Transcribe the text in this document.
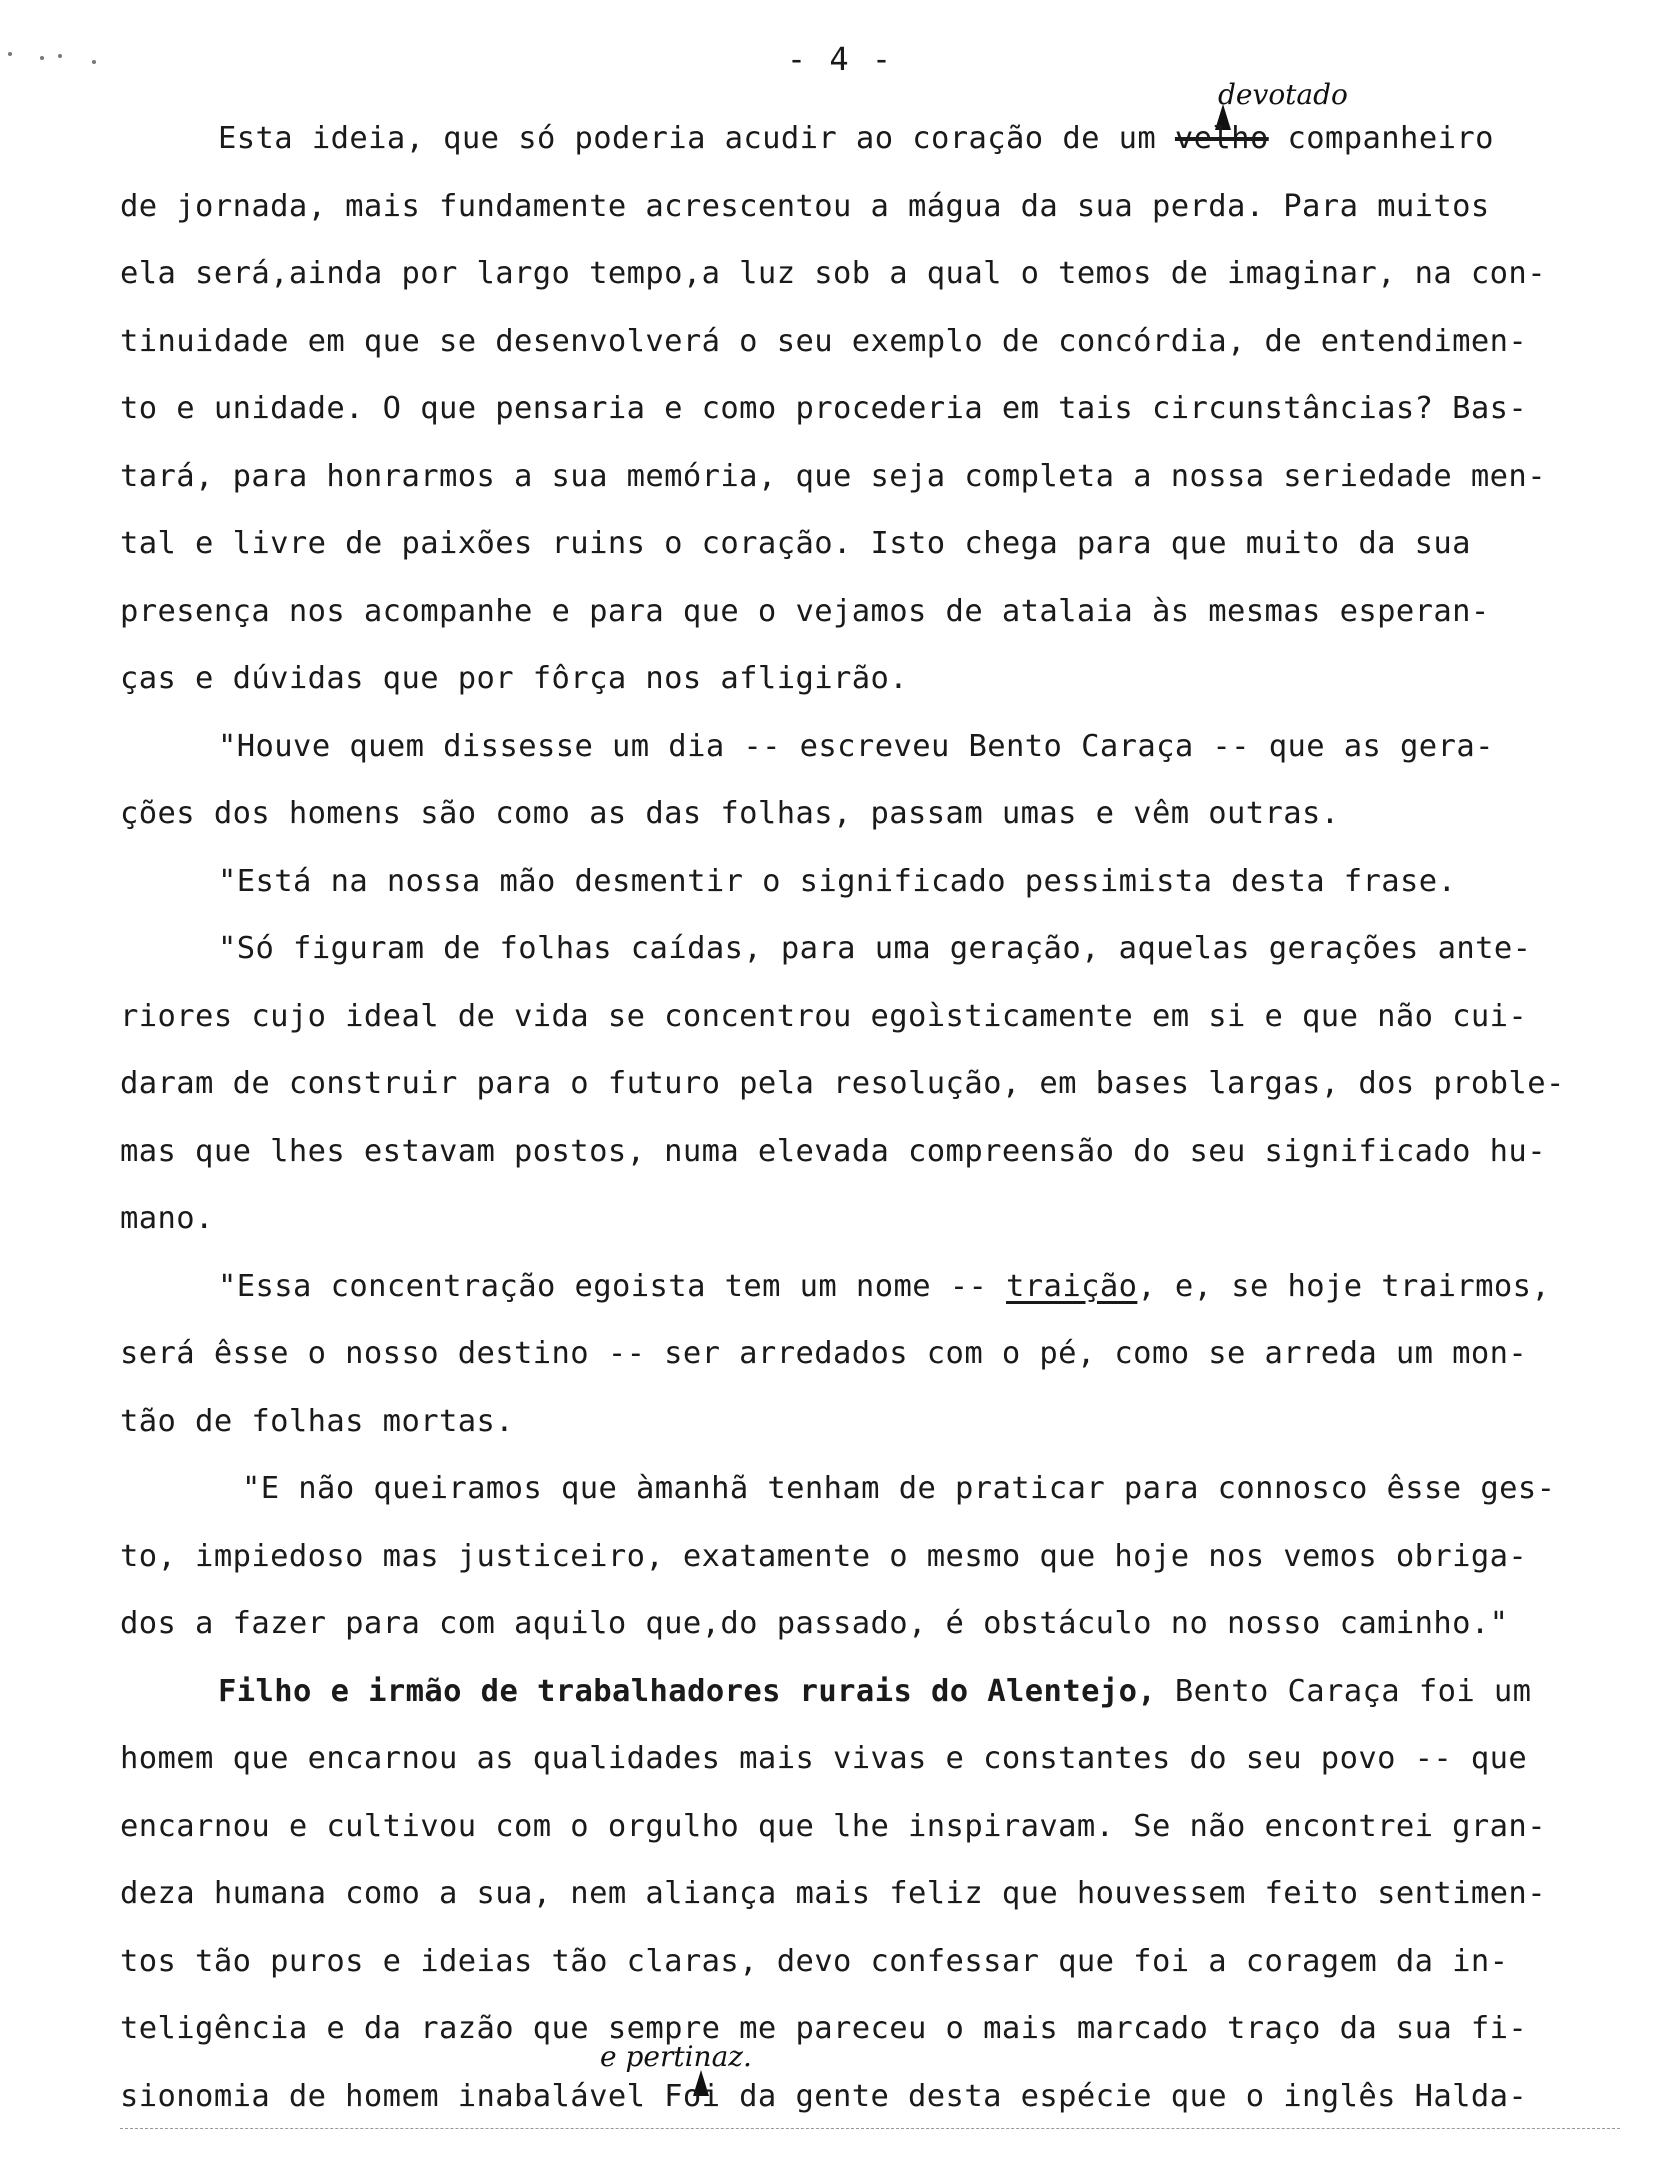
- 4 -
devotado
e pertinaz.
Esta ideia, que só poderia acudir ao coração de um velho companheiro
de jornada, mais fundamente acrescentou a mágua da sua perda. Para muitos
ela será,ainda por largo tempo,a luz sob a qual o temos de imaginar, na con-
tinuidade em que se desenvolverá o seu exemplo de concórdia, de entendimen-
to e unidade. O que pensaria e como procederia em tais circunstâncias? Bas-
tará, para honrarmos a sua memória, que seja completa a nossa seriedade men-
tal e livre de paixões ruins o coração. Isto chega para que muito da sua
presença nos acompanhe e para que o vejamos de atalaia às mesmas esperan-
ças e dúvidas que por fôrça nos afligirão.
"Houve quem dissesse um dia -- escreveu Bento Caraça -- que as gera-
ções dos homens são como as das folhas, passam umas e vêm outras.
"Está na nossa mão desmentir o significado pessimista desta frase.
"Só figuram de folhas caídas, para uma geração, aquelas gerações ante-
riores cujo ideal de vida se concentrou egoìsticamente em si e que não cui-
daram de construir para o futuro pela resolução, em bases largas, dos proble-
mas que lhes estavam postos, numa elevada compreensão do seu significado hu-
mano.
"Essa concentração egoista tem um nome -- traição, e, se hoje trairmos,
será êsse o nosso destino -- ser arredados com o pé, como se arreda um mon-
tão de folhas mortas.
"E não queiramos que àmanhã tenham de praticar para connosco êsse ges-
to, impiedoso mas justiceiro, exatamente o mesmo que hoje nos vemos obriga-
dos a fazer para com aquilo que,do passado, é obstáculo no nosso caminho."
Filho e irmão de trabalhadores rurais do Alentejo, Bento Caraça foi um
homem que encarnou as qualidades mais vivas e constantes do seu povo -- que
encarnou e cultivou com o orgulho que lhe inspiravam. Se não encontrei gran-
deza humana como a sua, nem aliança mais feliz que houvessem feito sentimen-
tos tão puros e ideias tão claras, devo confessar que foi a coragem da in-
teligência e da razão que sempre me pareceu o mais marcado traço da sua fi-
sionomia de homem inabalável Foi da gente desta espécie que o inglês Halda-
